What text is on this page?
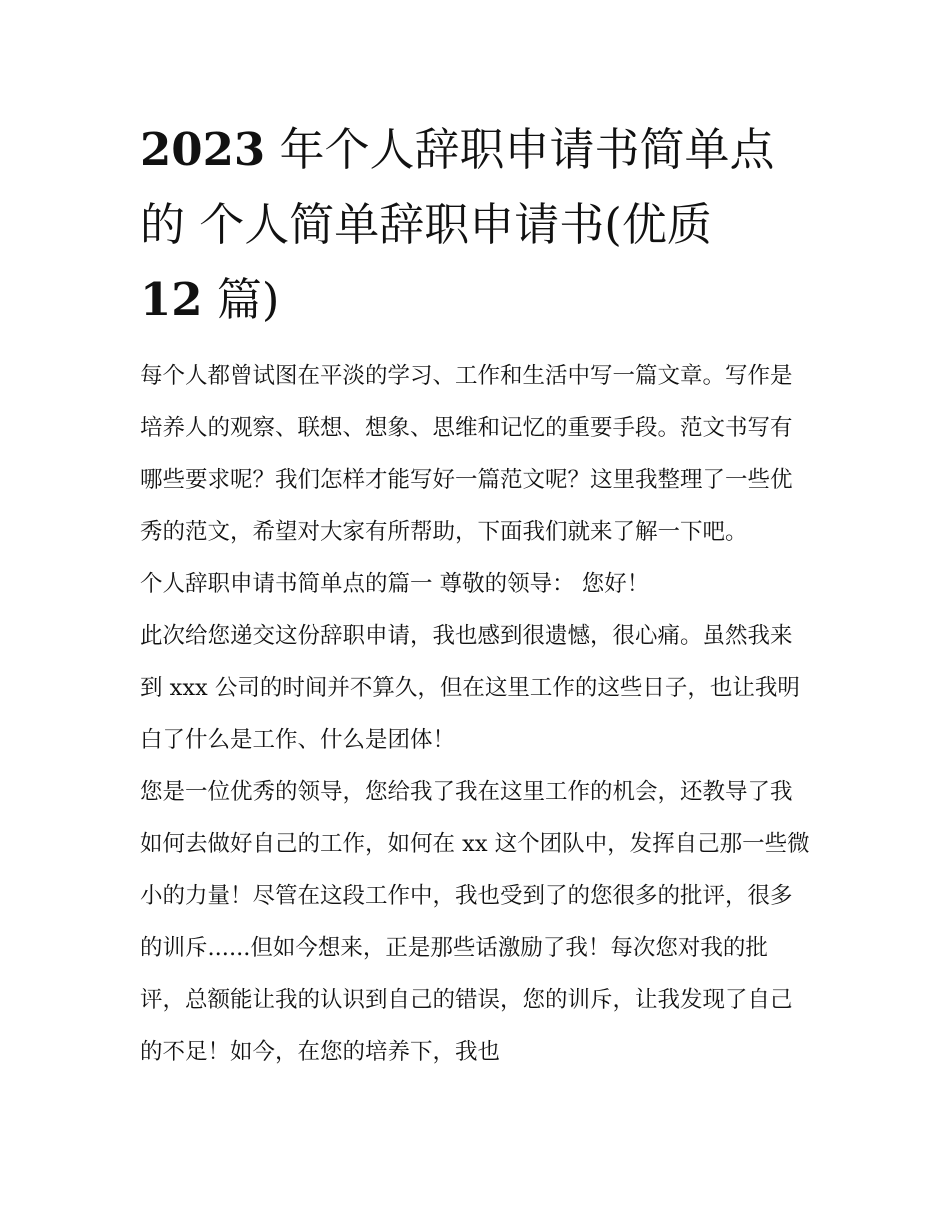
2023 年个人辞职申请书简单点的 个人简单辞职申请书(优质
12 篇)

每个人都曾试图在平淡的学习、工作和生活中写一篇文章。写作是培养人的观察、联想、想象、思维和记忆的重要手段。范文书写有哪些要求呢？我们怎样才能写好一篇范文呢？这里我整理了一些优秀的范文，希望对大家有所帮助，下面我们就来了解一下吧。

个人辞职申请书简单点的篇一 尊敬的领导： 您好！

此次给您递交这份辞职申请，我也感到很遗憾，很心痛。虽然我来到 xxx 公司的时间并不算久，但在这里工作的这些日子，也让我明白了什么是工作、什么是团体！

您是一位优秀的领导，您给我了我在这里工作的机会，还教导了我如何去做好自己的工作，如何在 xx 这个团队中，发挥自己那一些微小的力量！尽管在这段工作中，我也受到了的您很多的批评，很多的训斥......但如今想来，正是那些话激励了我！每次您对我的批评，总额能让我的认识到自己的错误，您的训斥，让我发现了自己的不足！如今，在您的培养下，我也
